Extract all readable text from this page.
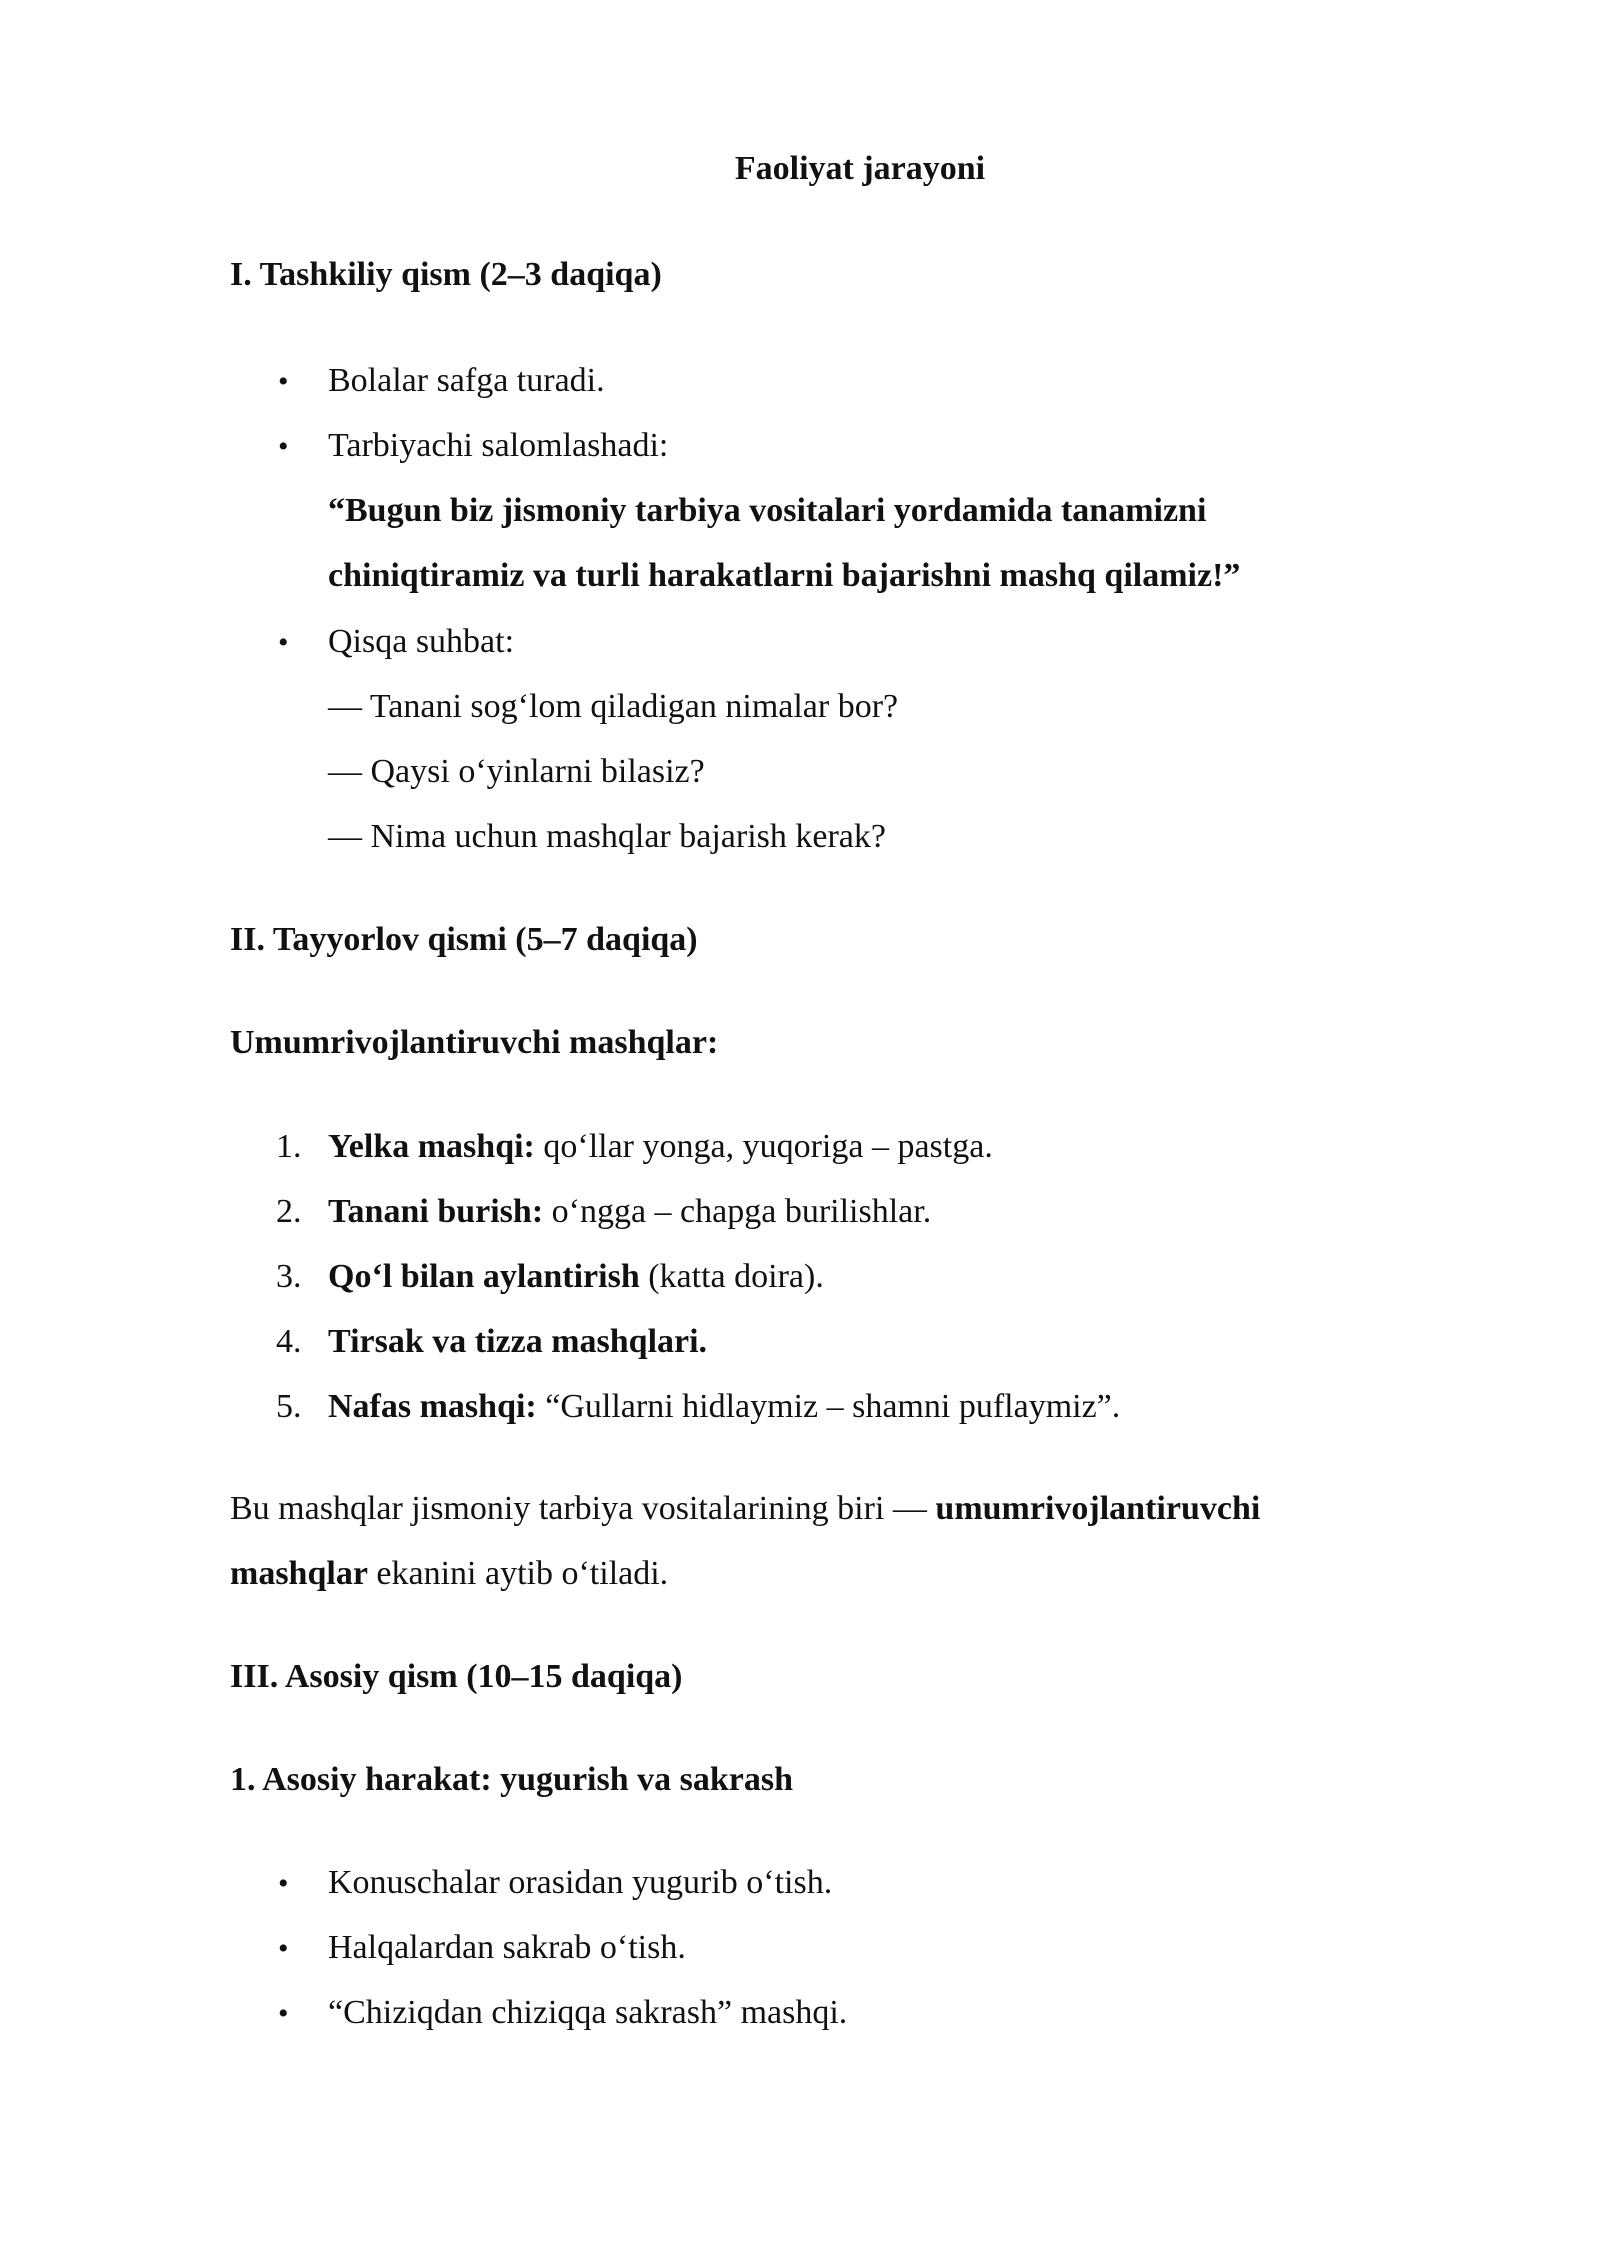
Faoliyat jarayoni
I. Tashkiliy qism (2–3 daqiqa)
• Bolalar safga turadi.
• Tarbiyachi salomlashadi:
“Bugun biz jismoniy tarbiya vositalari yordamida tanamizni
chiniqtiramiz va turli harakatlarni bajarishni mashq qilamiz!”
• Qisqa suhbat:
— Tanani sog‘lom qiladigan nimalar bor?
— Qaysi o‘yinlarni bilasiz?
— Nima uchun mashqlar bajarish kerak?
II. Tayyorlov qismi (5–7 daqiqa)
Umumrivojlantiruvchi mashqlar:
1. Yelka mashqi: qo‘llar yonga, yuqoriga – pastga.
2. Tanani burish: o‘ngga – chapga burilishlar.
3. Qo‘l bilan aylantirish (katta doira).
4. Tirsak va tizza mashqlari.
5. Nafas mashqi: “Gullarni hidlaymiz – shamni puflaymiz”.
Bu mashqlar jismoniy tarbiya vositalarining biri — umumrivojlantiruvchi
mashqlar ekanini aytib o‘tiladi.
III. Asosiy qism (10–15 daqiqa)
1. Asosiy harakat: yugurish va sakrash
• Konuschalar orasidan yugurib o‘tish.
• Halqalardan sakrab o‘tish.
• “Chiziqdan chiziqqa sakrash” mashqi.
